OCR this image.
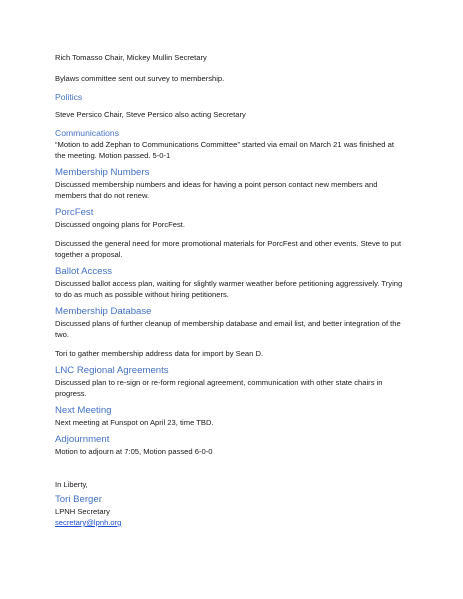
Rich Tomasso Chair, Mickey Mullin Secretary

Bylaws committee sent out survey to membership.

Politics

Steve Persico Chair, Steve Persico also acting Secretary

Communications

“Motion to add Zephan to Communications Committee” started via email on March 21 was finished at

the meeting. Motion passed. 5-0-1

Membership Numbers

Discussed membership numbers and ideas for having a point person contact new members and

members that do not renew.

PorcFest

Discussed ongoing plans for PorcFest.

Discussed the general need for more promotional materials for PorcFest and other events. Steve to put

together a proposal.

Ballot Access

Discussed ballot access plan, waiting for slightly warmer weather before petitioning aggressively. Trying

to do as much as possible without hiring petitioners.

Membership Database

Discussed plans of further cleanup of membership database and email list, and better integration of the

two.

Tori to gather membership address data for import by Sean D.

LNC Regional Agreements

Discussed plan to re-sign or re-form regional agreement, communication with other state chairs in

progress.

Next Meeting

Next meeting at Funspot on April 23, time TBD.

Adjournment

Motion to adjourn at 7:05, Motion passed 6-0-0

In Liberty,

Tori Berger

LPNH Secretary

secretary@lpnh.org
